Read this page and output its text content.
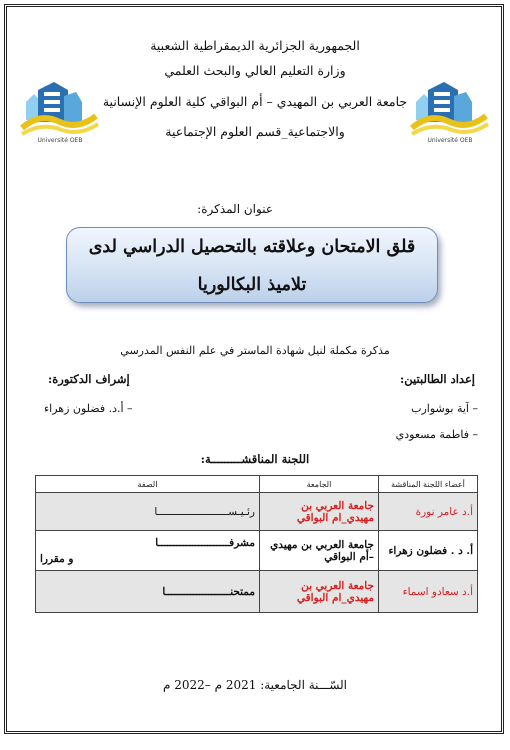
الجمهورية الجزائرية الديمقراطية الشعبية
وزارة التعليم العالي والبحث العلمي
جامعة العربي بن المهيدي – أم البواقي كلية العلوم الإنسانية
والاجتماعية_قسم العلوم الإجتماعية
Université OEB
Université OEB
عنوان المذكرة:
قلق الامتحان وعلاقته بالتحصيل الدراسي لدى
تلاميذ البكالوريا
مذكرة مكملة لنيل شهادة الماستر في علم النفس المدرسي
إعداد الطالبتين:
إشراف الدكتورة:
– آية بوشوارب
– فاطمة مسعودي
– أ.د. فضلون زهراء
اللجنة المناقشـــــــــة:
أعضاء اللجنة المناقشة	الجامعة	الصفة
أ.د عامر نورة	جامعة العربي بن مهيدي_ام البواقي	رئـيـســـــــــــــــــــــــا

أ. د . فضلون زهراء	جامعة العربي بن مهيدي –أم البواقي	مشرفـــــــــــــــــــــــا
و مقررا

أ.د سعادو اسماء	جامعة العربي بن مهيدي_ام البواقي	ممتحنـــــــــــــــــــــا
السّـــنة الجامعية: 2021 م –2022 م
